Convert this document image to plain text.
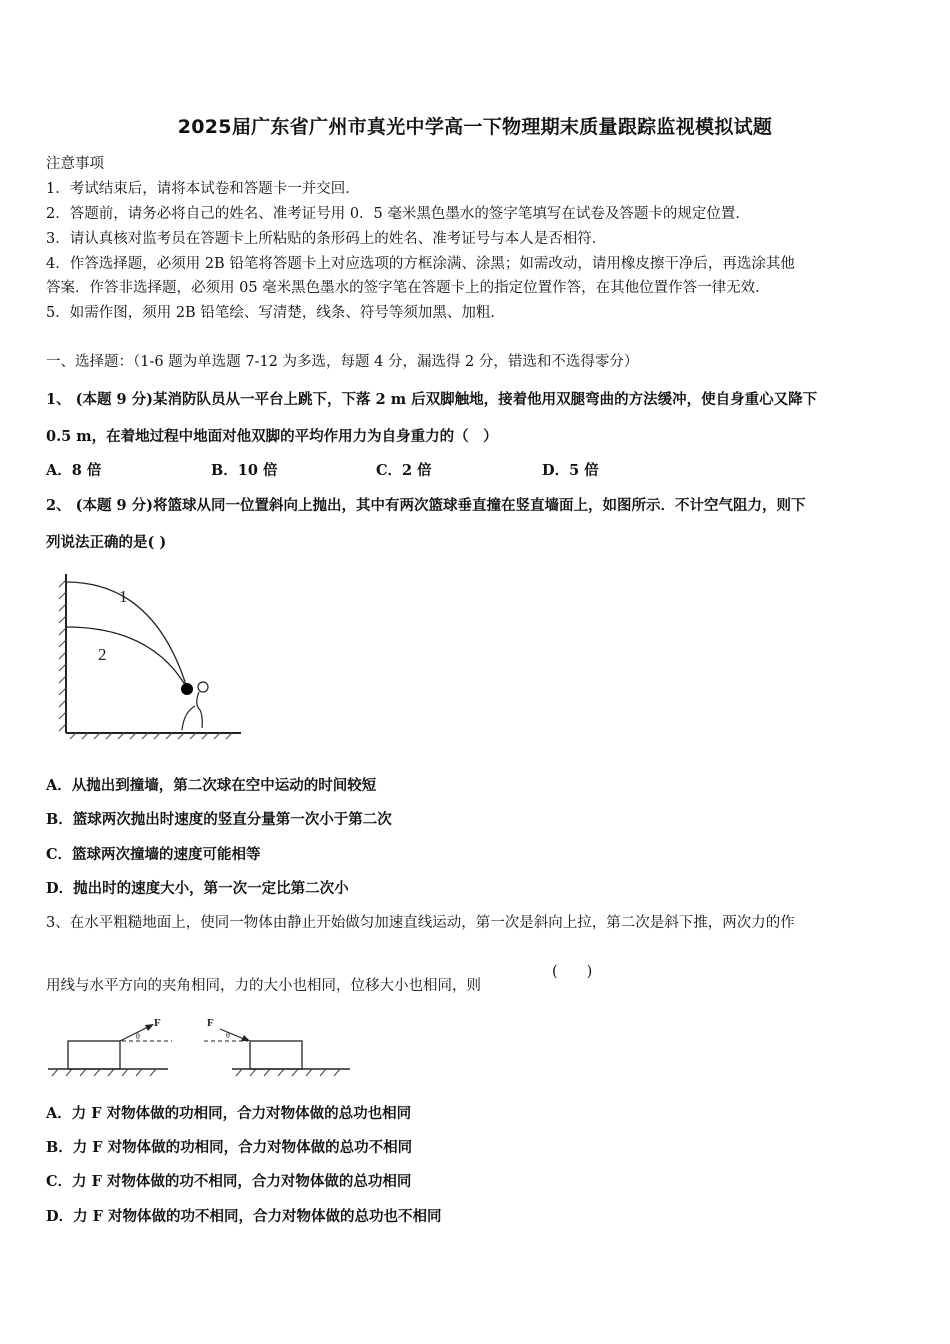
2025届广东省广州市真光中学高一下物理期末质量跟踪监视模拟试题
注意事项
1．考试结束后，请将本试卷和答题卡一并交回．
2．答题前，请务必将自己的姓名、准考证号用 0．5 毫米黑色墨水的签字笔填写在试卷及答题卡的规定位置．
3．请认真核对监考员在答题卡上所粘贴的条形码上的姓名、准考证号与本人是否相符．
4．作答选择题，必须用 2B 铅笔将答题卡上对应选项的方框涂满、涂黑；如需改动，请用橡皮擦干净后，再选涂其他
答案．作答非选择题，必须用 05 毫米黑色墨水的签字笔在答题卡上的指定位置作答，在其他位置作答一律无效．
5．如需作图，须用 2B 铅笔绘、写清楚，线条、符号等须加黑、加粗．
一、选择题：（1-6 题为单选题 7-12 为多选，每题 4 分，漏选得 2 分，错选和不选得零分）
1、 (本题 9 分)某消防队员从一平台上跳下，下落 2 m 后双脚触地，接着他用双腿弯曲的方法缓冲，使自身重心又降下
0.5 m，在着地过程中地面对他双脚的平均作用力为自身重力的（　）
A．8 倍	B．10 倍	C．2 倍	D．5 倍
2、 (本题 9 分)将篮球从同一位置斜向上抛出，其中有两次篮球垂直撞在竖直墙面上，如图所示．不计空气阻力，则下
列说法正确的是( )
1
2
A．从抛出到撞墙，第二次球在空中运动的时间较短
B．篮球两次抛出时速度的竖直分量第一次小于第二次
C．篮球两次撞墙的速度可能相等
D．抛出时的速度大小，第一次一定比第二次小
3、在水平粗糙地面上，使同一物体由静止开始做匀加速直线运动，第一次是斜向上拉，第二次是斜下推，两次力的作
用线与水平方向的夹角相同，力的大小也相同，位移大小也相同，则
(　　)
F
θ
F
θ
A．力 F 对物体做的功相同，合力对物体做的总功也相同
B．力 F 对物体做的功相同，合力对物体做的总功不相同
C．力 F 对物体做的功不相同，合力对物体做的总功相同
D．力 F 对物体做的功不相同，合力对物体做的总功也不相同
